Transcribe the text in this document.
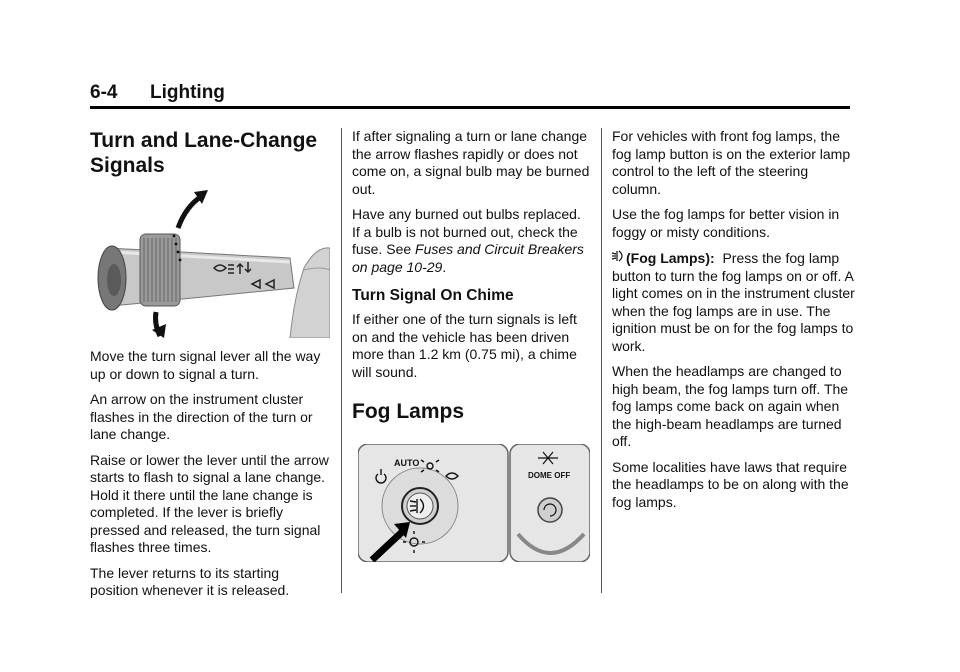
6-4 Lighting
Turn and Lane-Change Signals

Move the turn signal lever all the way up or down to signal a turn.

An arrow on the instrument cluster flashes in the direction of the turn or lane change.

Raise or lower the lever until the arrow starts to flash to signal a lane change. Hold it there until the lane change is completed. If the lever is briefly pressed and released, the turn signal flashes three times.

The lever returns to its starting position whenever it is released.

If after signaling a turn or lane change the arrow flashes rapidly or does not come on, a signal bulb may be burned out.

Have any burned out bulbs replaced. If a bulb is not burned out, check the fuse. See Fuses and Circuit Breakers on page 10-29.

Turn Signal On Chime

If either one of the turn signals is left on and the vehicle has been driven more than 1.2 km (0.75 mi), a chime will sound.

Fog Lamps
AUTO
DOME OFF

For vehicles with front fog lamps, the fog lamp button is on the exterior lamp control to the left of the steering column.

Use the fog lamps for better vision in foggy or misty conditions.

(Fog Lamps): Press the fog lamp button to turn the fog lamps on or off. A light comes on in the instrument cluster when the fog lamps are in use. The ignition must be on for the fog lamps to work.

When the headlamps are changed to high beam, the fog lamps turn off. The fog lamps come back on again when the high-beam headlamps are turned off.

Some localities have laws that require the headlamps to be on along with the fog lamps.
